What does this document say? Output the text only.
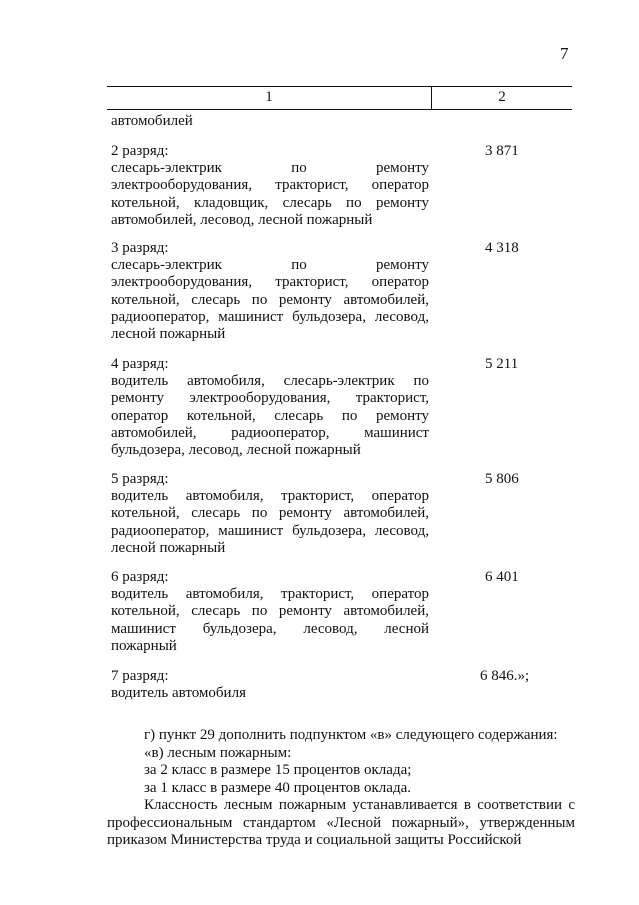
7
1	2
автомобилей
2 разряд:
слесарь-электрик по ремонту электрооборудования, тракторист, оператор котельной, кладовщик, слесарь по ремонту автомобилей, лесовод, лесной пожарный
3 871
3 разряд:
слесарь-электрик по ремонту электрооборудования, тракторист, оператор котельной, слесарь по ремонту автомобилей, радиооператор, машинист бульдозера, лесовод, лесной пожарный
4 318
4 разряд:
водитель автомобиля, слесарь-электрик по ремонту электрооборудования, тракторист, оператор котельной, слесарь по ремонту автомобилей, радиооператор, машинист бульдозера, лесовод, лесной пожарный
5 211
5 разряд:
водитель автомобиля, тракторист, оператор котельной, слесарь по ремонту автомобилей, радиооператор, машинист бульдозера, лесовод, лесной пожарный
5 806
6 разряд:
водитель автомобиля, тракторист, оператор котельной, слесарь по ремонту автомобилей, машинист бульдозера, лесовод, лесной пожарный
6 401
7 разряд:
водитель автомобиля
6 846.»;
г) пункт 29 дополнить подпунктом «в» следующего содержания:
«в) лесным пожарным:
за 2 класс в размере 15 процентов оклада;
за 1 класс в размере 40 процентов оклада.
Классность лесным пожарным устанавливается в соответствии с профессиональным стандартом «Лесной пожарный», утвержденным приказом Министерства труда и социальной защиты Российской
